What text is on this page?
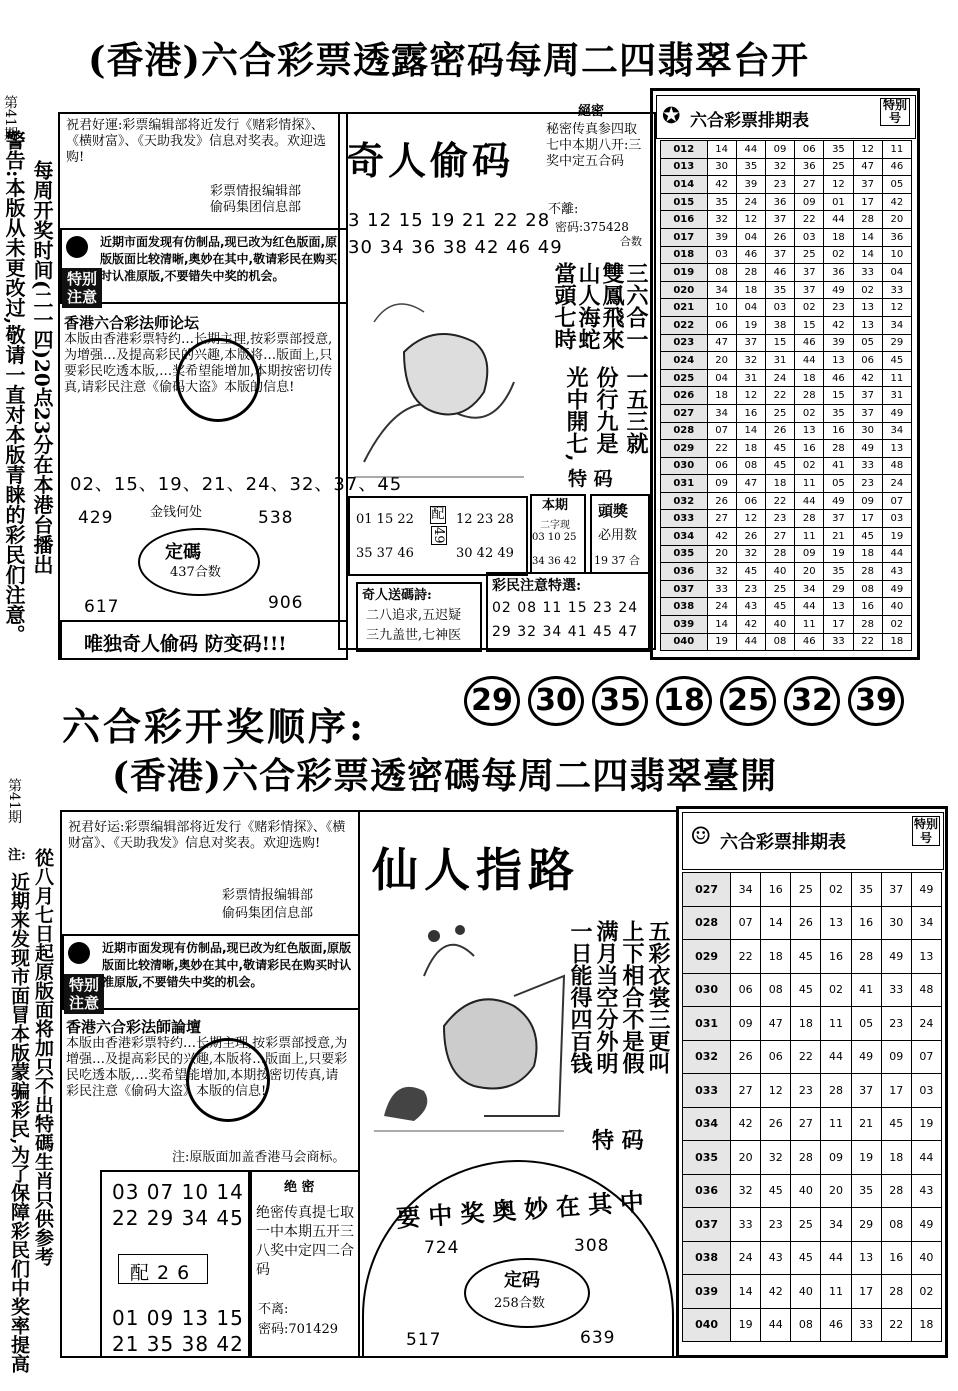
第41期
(香港)六合彩票透露密码每周二四翡翠台开
警告:本版从未更改过,敬请一直对本版青睐的彩民们注意。 每周开奖时间(二一四)20点23分在本港台播出
祝君好運:彩票编辑部将近发行《赌彩情探》、《横财富》、《天助我发》信息对奖表。欢迎选购!
彩票情报编辑部
偷码集团信息部
特别注意
近期市面发现有仿制品,现已改为红色版面,原版版面比较清晰,奥妙在其中,敬请彩民在购买时认准原版,不要错失中奖的机会。
香港六合彩法师论坛
本版由香港彩票特约…长期主理,按彩票部授意,为增强…及提高彩民的兴趣,本版将…版面上,只要彩民吃透本版,…奖希望能增加,本期按密切传真,请彩民注意《偷码大盗》本版的信息!
02、15、19、21、24、32、37、45
429	金钱何处	538
定碼
437合数
617	906
唯独奇人偷码 防变码!!!
奇人偷码
絕密
秘密传真参四取七中本期八开:三奖中定五合码
不離:
密码:375428
合数
3 12 15 19 21 22 28
30 34 36 38 42 46 49
三六合一
雙鳳飛來
山人海蛇
當頭七時
一五三就
份行九是
光中開七,
特 码
01 15 22
35 37 46
配
49
12 23 28
30 42 49
本期
二字现
03 10 25
34 36 42
頭獎
必用数
19 37 合
奇人送碼詩:
二八追求,五迟疑
三九盖世,七神医
彩民注意特選:
02 08 11 15 23 24
29 32 34 41 45 47
✪ 六合彩票排期表
特别号
012	14	44	09	06	35	12	11
013	30	35	32	36	25	47	46
014	42	39	23	27	12	37	05
015	35	24	36	09	01	17	42
016	32	12	37	22	44	28	20
017	39	04	26	03	18	14	36
018	03	46	37	25	02	14	10
019	08	28	46	37	36	33	04
020	34	18	35	37	49	02	33
021	10	04	03	02	23	13	12
022	06	19	38	15	42	13	34
023	47	37	15	46	39	05	29
024	20	32	31	44	13	06	45
025	04	31	24	18	46	42	11
026	18	12	22	28	15	37	31
027	34	16	25	02	35	37	49
028	07	14	26	13	16	30	34
029	22	18	45	16	28	49	13
030	06	08	45	02	41	33	48
031	09	47	18	11	05	23	24
032	26	06	22	44	49	09	07
033	27	12	23	28	37	17	03
034	42	26	27	11	21	45	19
035	20	32	28	09	19	18	44
036	32	45	40	20	35	28	43
037	33	23	25	34	29	08	49
038	24	43	45	44	13	16	40
039	14	42	40	11	17	28	02
040	19	44	08	46	33	22	18
六合彩开奖顺序:
29 30 35 18 25 32 39
第41期
(香港)六合彩票透密碼每周二四翡翠臺開
注:
近期来发现市面冒本版蒙骗彩民,为了保障彩民们中奖率提高 從八月七日起原版面将加只不出特碼生肖只供参考
祝君好运:彩票编辑部将近发行《赌彩情探》、《横财富》、《天助我发》信息对奖表。欢迎选购!
彩票情报编辑部
偷码集团信息部
特别注意
近期市面发现有仿制品,现已改为红色版面,原版版面比较清晰,奥妙在其中,敬请彩民在购买时认准原版,不要错失中奖的机会。
香港六合彩法師論壇
本版由香港彩票特约…长期主理,按彩票部授意,为增强…及提高彩民的兴趣,本版将…版面上,只要彩民吃透本版,…奖希望能增加,本期按密切传真,请彩民注意《偷码大盗》本版的信息!
注:原版面加盖香港马会商标。
03 07 10 14
22 29 34 45
配 2 6
01 09 13 15
21 35 38 42
绝 密
绝密传真提七取一中本期五开三八奖中定四二合码
不离:
密码:701429
仙人指路
五彩衣裳三更叫
上下相合不是假
满月当空分外明
一日能得四百钱
特 码
要中奖奥妙在其中
724	308
定码
258合数
517	639
☺ 六合彩票排期表
特别号
027	34	16	25	02	35	37	49
028	07	14	26	13	16	30	34
029	22	18	45	16	28	49	13
030	06	08	45	02	41	33	48
031	09	47	18	11	05	23	24
032	26	06	22	44	49	09	07
033	27	12	23	28	37	17	03
034	42	26	27	11	21	45	19
035	20	32	28	09	19	18	44
036	32	45	40	20	35	28	43
037	33	23	25	34	29	08	49
038	24	43	45	44	13	16	40
039	14	42	40	11	17	28	02
040	19	44	08	46	33	22	18
